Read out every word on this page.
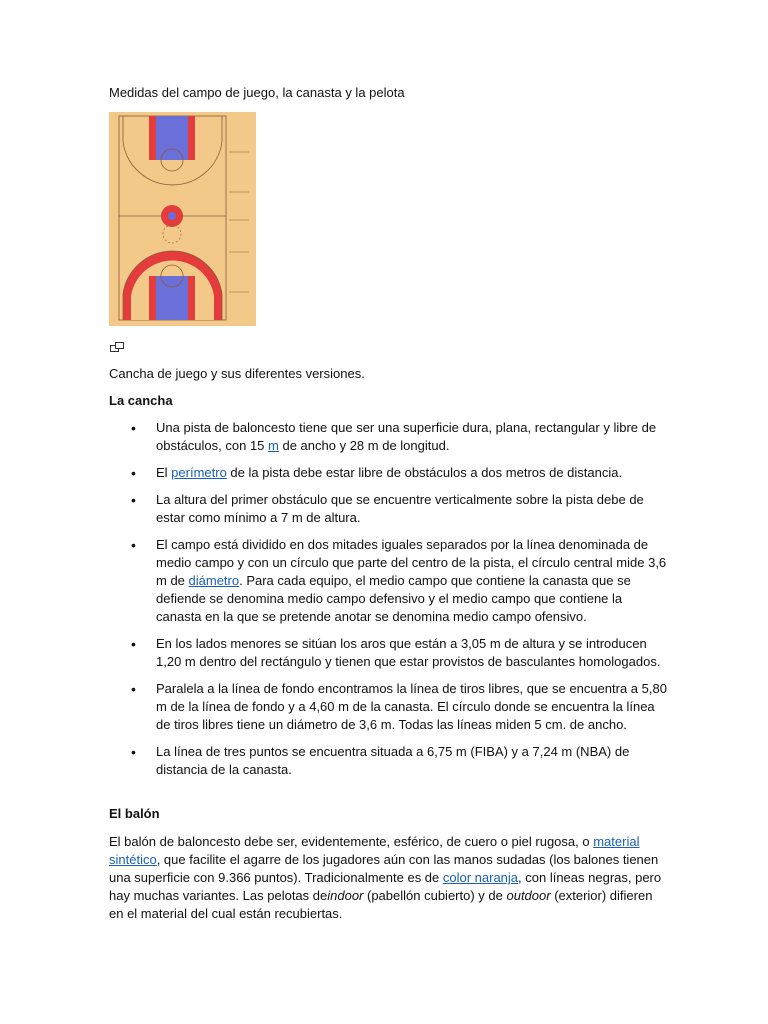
Medidas del campo de juego, la canasta y la pelota
Cancha de juego y sus diferentes versiones.
La cancha
• Una pista de baloncesto tiene que ser una superficie dura, plana, rectangular y libre de obstáculos, con 15 m de ancho y 28 m de longitud.
• El perímetro de la pista debe estar libre de obstáculos a dos metros de distancia.
• La altura del primer obstáculo que se encuentre verticalmente sobre la pista debe de estar como mínimo a 7 m de altura.
• El campo está dividido en dos mitades iguales separados por la línea denominada de medio campo y con un círculo que parte del centro de la pista, el círculo central mide 3,6 m de diámetro. Para cada equipo, el medio campo que contiene la canasta que se defiende se denomina medio campo defensivo y el medio campo que contiene la canasta en la que se pretende anotar se denomina medio campo ofensivo.
• En los lados menores se sitúan los aros que están a 3,05 m de altura y se introducen 1,20 m dentro del rectángulo y tienen que estar provistos de basculantes homologados.
• Paralela a la línea de fondo encontramos la línea de tiros libres, que se encuentra a 5,80 m de la línea de fondo y a 4,60 m de la canasta. El círculo donde se encuentra la línea de tiros libres tiene un diámetro de 3,6 m. Todas las líneas miden 5 cm. de ancho.
• La línea de tres puntos se encuentra situada a 6,75 m (FIBA) y a 7,24 m (NBA) de distancia de la canasta.
El balón

El balón de baloncesto debe ser, evidentemente, esférico, de cuero o piel rugosa, o material sintético, que facilite el agarre de los jugadores aún con las manos sudadas (los balones tienen una superficie con 9.366 puntos). Tradicionalmente es de color naranja, con líneas negras, pero hay muchas variantes. Las pelotas deindoor (pabellón cubierto) y de outdoor (exterior) difieren en el material del cual están recubiertas.
